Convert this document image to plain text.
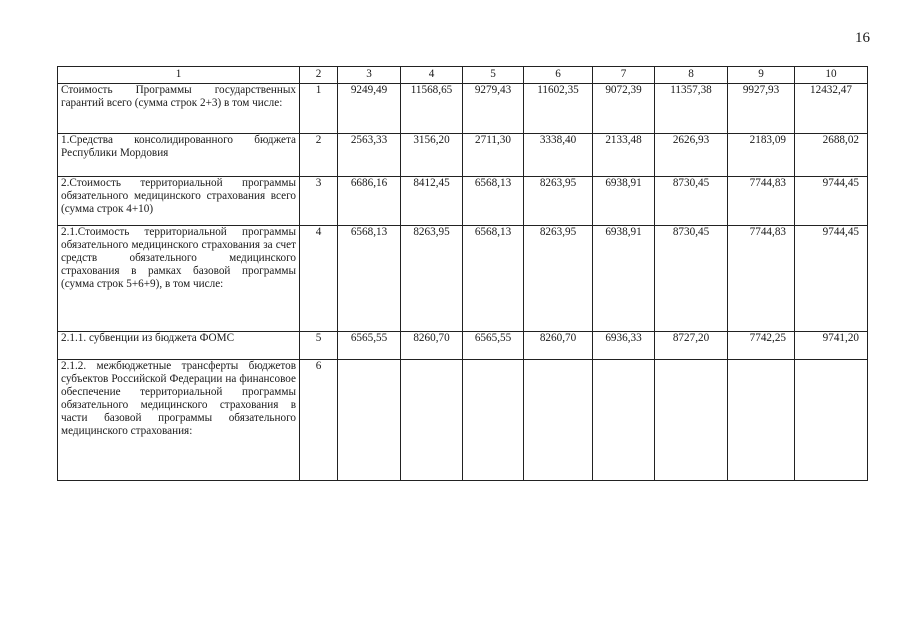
16
1	2	3	4	5	6	7	8	9	10
Стоимость Программы государственных гарантий всего (сумма строк 2+3) в том числе:	1	9249,49	11568,65	9279,43	11602,35	9072,39	11357,38	9927,93	12432,47
1.Средства консолидированного бюджета Республики Мордовия	2	2563,33	3156,20	2711,30	3338,40	2133,48	2626,93	2183,09	2688,02
2.Стоимость территориальной программы обязательного медицинского страхования всего (сумма строк 4+10)	3	6686,16	8412,45	6568,13	8263,95	6938,91	8730,45	7744,83	9744,45
2.1.Стоимость территориальной программы обязательного медицинского страхования за счет средств обязательного медицинского страхования в рамках базовой программы (сумма строк 5+6+9), в том числе:	4	6568,13	8263,95	6568,13	8263,95	6938,91	8730,45	7744,83	9744,45
2.1.1. субвенции из бюджета ФОМС	5	6565,55	8260,70	6565,55	8260,70	6936,33	8727,20	7742,25	9741,20
2.1.2. межбюджетные трансферты бюджетов субъектов Российской Федерации на финансовое обеспечение территориальной программы обязательного медицинского страхования в части базовой программы обязательного медицинского страхования:	6								
